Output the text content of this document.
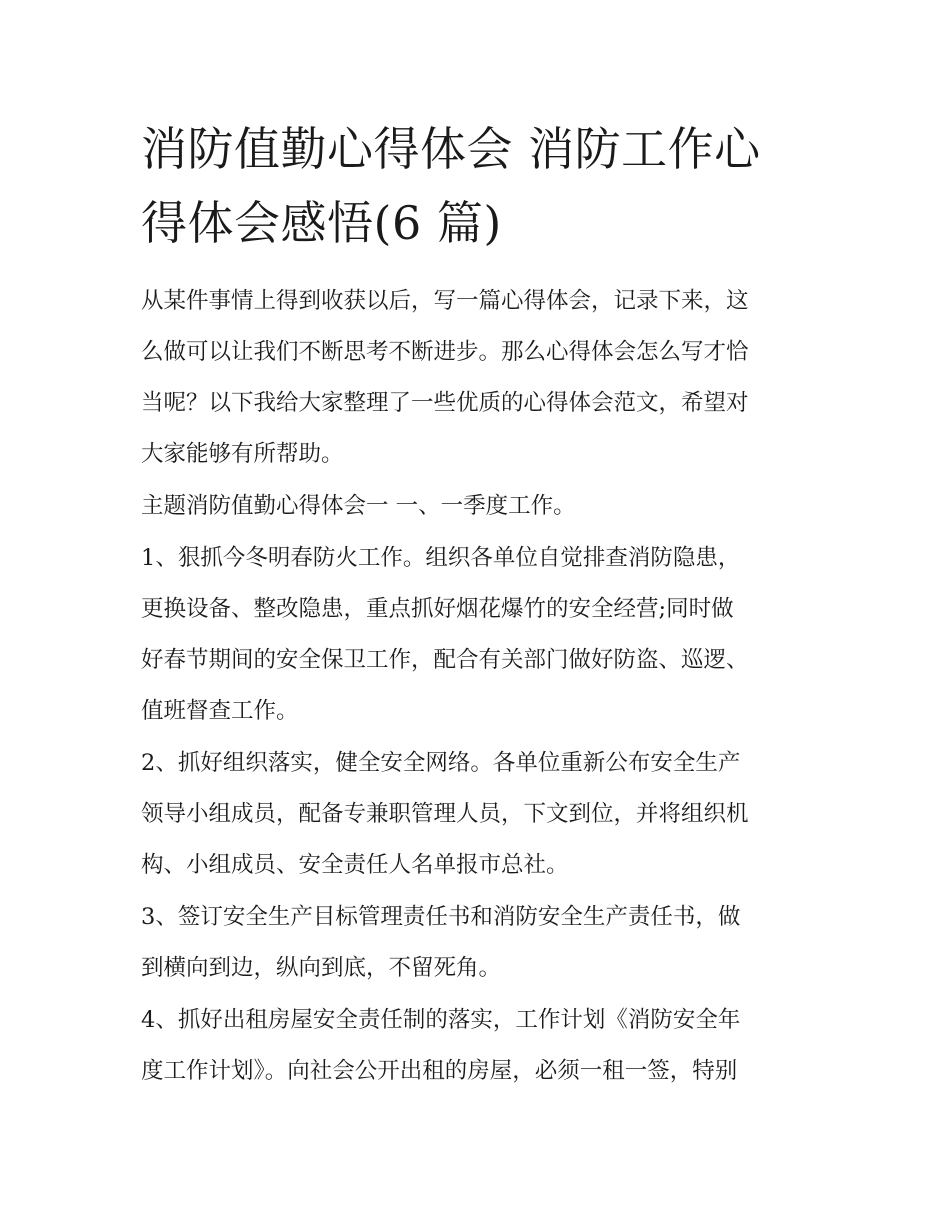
消防值勤心得体会 消防工作心
得体会感悟(6 篇)

从某件事情上得到收获以后，写一篇心得体会，记录下来，这
么做可以让我们不断思考不断进步。那么心得体会怎么写才恰
当呢？以下我给大家整理了一些优质的心得体会范文，希望对
大家能够有所帮助。

主题消防值勤心得体会一 一、一季度工作。

1、狠抓今冬明春防火工作。组织各单位自觉排查消防隐患，
更换设备、整改隐患，重点抓好烟花爆竹的安全经营;同时做
好春节期间的安全保卫工作，配合有关部门做好防盗、巡逻、
值班督查工作。

2、抓好组织落实，健全安全网络。各单位重新公布安全生产
领导小组成员，配备专兼职管理人员，下文到位，并将组织机
构、小组成员、安全责任人名单报市总社。

3、签订安全生产目标管理责任书和消防安全生产责任书，做
到横向到边，纵向到底，不留死角。

4、抓好出租房屋安全责任制的落实，工作计划《消防安全年
度工作计划》。向社会公开出租的房屋，必须一租一签，特别
